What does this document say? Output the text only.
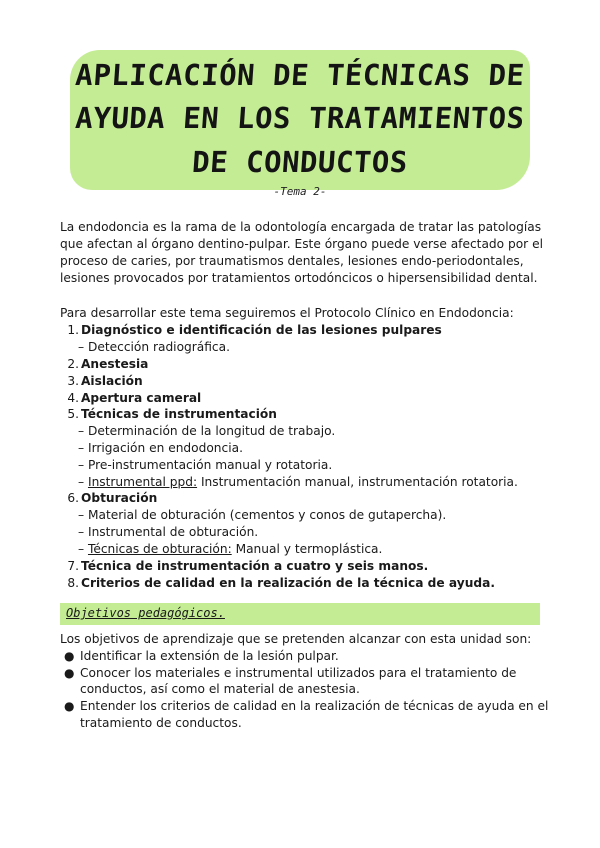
APLICACIÓN DE TÉCNICAS DE
AYUDA EN LOS TRATAMIENTOS
DE CONDUCTOS
-Tema 2-
La endodoncia es la rama de la odontología encargada de tratar las patologías
que afectan al órgano dentino-pulpar. Este órgano puede verse afectado por el
proceso de caries, por traumatismos dentales, lesiones endo-periodontales,
lesiones provocados por tratamientos ortodóncicos o hipersensibilidad dental.
Para desarrollar este tema seguiremos el Protocolo Clínico en Endodoncia:
1. Diagnóstico e identificación de las lesiones pulpares
– Detección radiográfica.
2. Anestesia
3. Aislación
4. Apertura cameral
5. Técnicas de instrumentación
– Determinación de la longitud de trabajo.
– Irrigación en endodoncia.
– Pre-instrumentación manual y rotatoria.
– Instrumental ppd: Instrumentación manual, instrumentación rotatoria.
6. Obturación
– Material de obturación (cementos y conos de gutapercha).
– Instrumental de obturación.
– Técnicas de obturación: Manual y termoplástica.
7. Técnica de instrumentación a cuatro y seis manos.
8. Criterios de calidad en la realización de la técnica de ayuda.
Objetivos pedagógicos.
Los objetivos de aprendizaje que se pretenden alcanzar con esta unidad son:
● Identificar la extensión de la lesión pulpar.
● Conocer los materiales e instrumental utilizados para el tratamiento de
conductos, así como el material de anestesia.
● Entender los criterios de calidad en la realización de técnicas de ayuda en el
tratamiento de conductos.
